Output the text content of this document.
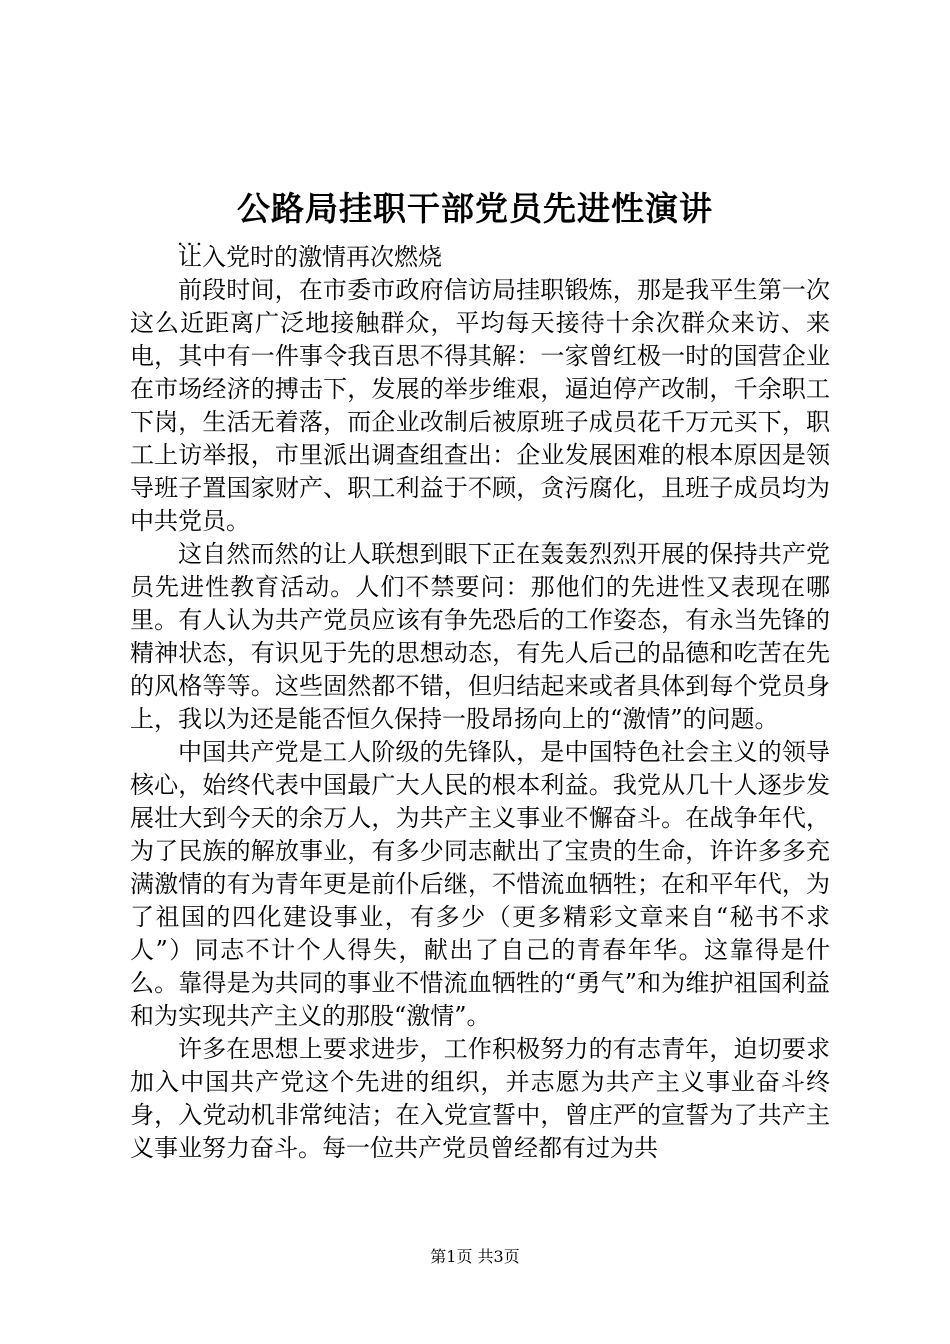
公路局挂职干部党员先进性演讲
...

让入党时的激情再次燃烧

前段时间，在市委市政府信访局挂职锻炼，那是我平生第一次这么近距离广泛地接触群众，平均每天接待十余次群众来访、来电，其中有一件事令我百思不得其解：一家曾红极一时的国营企业在市场经济的搏击下，发展的举步维艰，逼迫停产改制，千余职工下岗，生活无着落，而企业改制后被原班子成员花千万元买下，职工上访举报，市里派出调查组查出：企业发展困难的根本原因是领导班子置国家财产、职工利益于不顾，贪污腐化，且班子成员均为中共党员。

这自然而然的让人联想到眼下正在轰轰烈烈开展的保持共产党员先进性教育活动。人们不禁要问：那他们的先进性又表现在哪里。有人认为共产党员应该有争先恐后的工作姿态，有永当先锋的精神状态，有识见于先的思想动态，有先人后己的品德和吃苦在先的风格等等。这些固然都不错，但归结起来或者具体到每个党员身上，我以为还是能否恒久保持一股昂扬向上的“激情”的问题。

中国共产党是工人阶级的先锋队，是中国特色社会主义的领导核心，始终代表中国最广大人民的根本利益。我党从几十人逐步发展壮大到今天的余万人，为共产主义事业不懈奋斗。在战争年代，为了民族的解放事业，有多少同志献出了宝贵的生命，许许多多充满激情的有为青年更是前仆后继，不惜流血牺牲；在和平年代，为了祖国的四化建设事业，有多少（更多精彩文章来自“秘书不求人”）同志不计个人得失，献出了自己的青春年华。这靠得是什么。靠得是为共同的事业不惜流血牺牲的“勇气”和为维护祖国利益和为实现共产主义的那股“激情”。

许多在思想上要求进步，工作积极努力的有志青年，迫切要求加入中国共产党这个先进的组织，并志愿为共产主义事业奋斗终身，入党动机非常纯洁；在入党宣誓中，曾庄严的宣誓为了共产主义事业努力奋斗。每一位共产党员曾经都有过为共

第1页 共3页
